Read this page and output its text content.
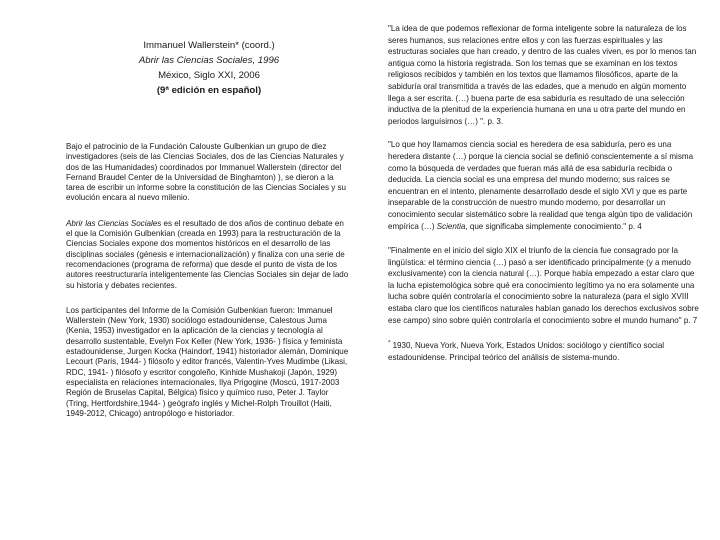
Immanuel Wallerstein* (coord.)
Abrir las Ciencias Sociales, 1996
México, Siglo XXI, 2006
(9ª edición en español)

Bajo el patrocinio de la Fundación Calouste Gulbenkian un grupo de diez investigadores (seis de las Ciencias Sociales, dos de las Ciencias Naturales y dos de las Humanidades) coordinados por Immanuel Wallerstein (director del Fernand Braudel Center de la Universidad de Binghamton) ), se dieron a la tarea de escribir un informe sobre la constitución de las Ciencias Sociales y su evolución encara al nuevo milenio.

Abrir las Ciencias Sociales es el resultado de dos años de continuo debate en el que la Comisión Gulbenkian (creada en 1993) para la restructuración de la Ciencias Sociales expone dos momentos históricos en el desarrollo de las disciplinas sociales (génesis e internacionalización) y finaliza con una serie de recomendaciones (programa de reforma) que desde el punto de vista de los autores reestructuraría inteligentemente las Ciencias Sociales sin dejar de lado su historia y debates recientes.

Los participantes del Informe de la Comisión Gulbenkian fueron: Immanuel Wallerstein (New York, 1930) sociólogo estadounidense, Calestous Juma (Kenia, 1953) investigador en la aplicación de la ciencias y tecnología al desarrollo sustentable, Evelyn Fox Keller (New York, 1936- ) física y feminista estadounidense, Jurgen Kocka (Haindorf, 1941) historiador alemán, Dominique Lecourt (Paris, 1944- ) filósofo y editor francés, Valentin-Yves Mudimbe (Likasi, RDC, 1941- ) filósofo y escritor congoleño, Kinhide Mushakoji (Japón, 1929) especialista en relaciones internacionales, Ilya Prigogine (Moscú, 1917-2003 Región de Bruselas Capital, Bélgica) físico y químico ruso, Peter J. Taylor (Tring, Hertfordshire,1944- ) geógrafo inglés y Michel-Rolph Trouillot (Haiti, 1949-2012, Chicago) antropólogo e historiador.

"La idea de que podemos reflexionar de forma inteligente sobre la naturaleza de los seres humanos, sus relaciones entre ellos y con las fuerzas espirituales y las estructuras sociales que han creado, y dentro de las cuales viven, es por lo menos tan antigua como la historia registrada. Son los temas que se examinan en los textos religiosos recibidos y también en los textos que llamamos filosóficos, aparte de la sabiduría oral transmitida a través de las edades, que a menudo en algún momento llega a ser escrita. (…) buena parte de esa sabiduría es resultado de una selección inductiva de la plenitud de la experiencia humana en una u otra parte del mundo en periodos larguísimos (…) ". p. 3.

"Lo que hoy llamamos ciencia social es heredera de esa sabiduría, pero es una heredera distante (…) porque la ciencia social se definió conscientemente a sí misma como la búsqueda de verdades que fueran más allá de esa sabiduría recibida o deducida. La ciencia social es una empresa del mundo moderno; sus raíces se encuentran en el intento, plenamente desarrollado desde el siglo XVI y que es parte inseparable de la construcción de nuestro mundo moderno, por desarrollar un conocimiento secular sistemático sobre la realidad que tenga algún tipo de validación empírica (…) Scientia, que significaba simplemente conocimiento." p. 4

"Finalmente en el inicio del siglo XIX el triunfo de la ciencia fue consagrado por la lingüística: el término ciencia (…) pasó a ser identificado principalmente (y a menudo exclusivamente) con la ciencia natural (…). Porque había empezado a estar claro que la lucha epistemológica sobre qué era conocimiento legítimo ya no era solamente una lucha sobre quién controlaría el conocimiento sobre la naturaleza (para el siglo XVIII estaba claro que los científicos naturales habían ganado los derechos exclusivos sobre ese campo) sino sobre quién controlaría el conocimiento sobre el mundo humano" p. 7

* 1930, Nueva York, Nueva York, Estados Unidos: sociólogo y científico social estadounidense. Principal teórico del análisis de sistema-mundo.
